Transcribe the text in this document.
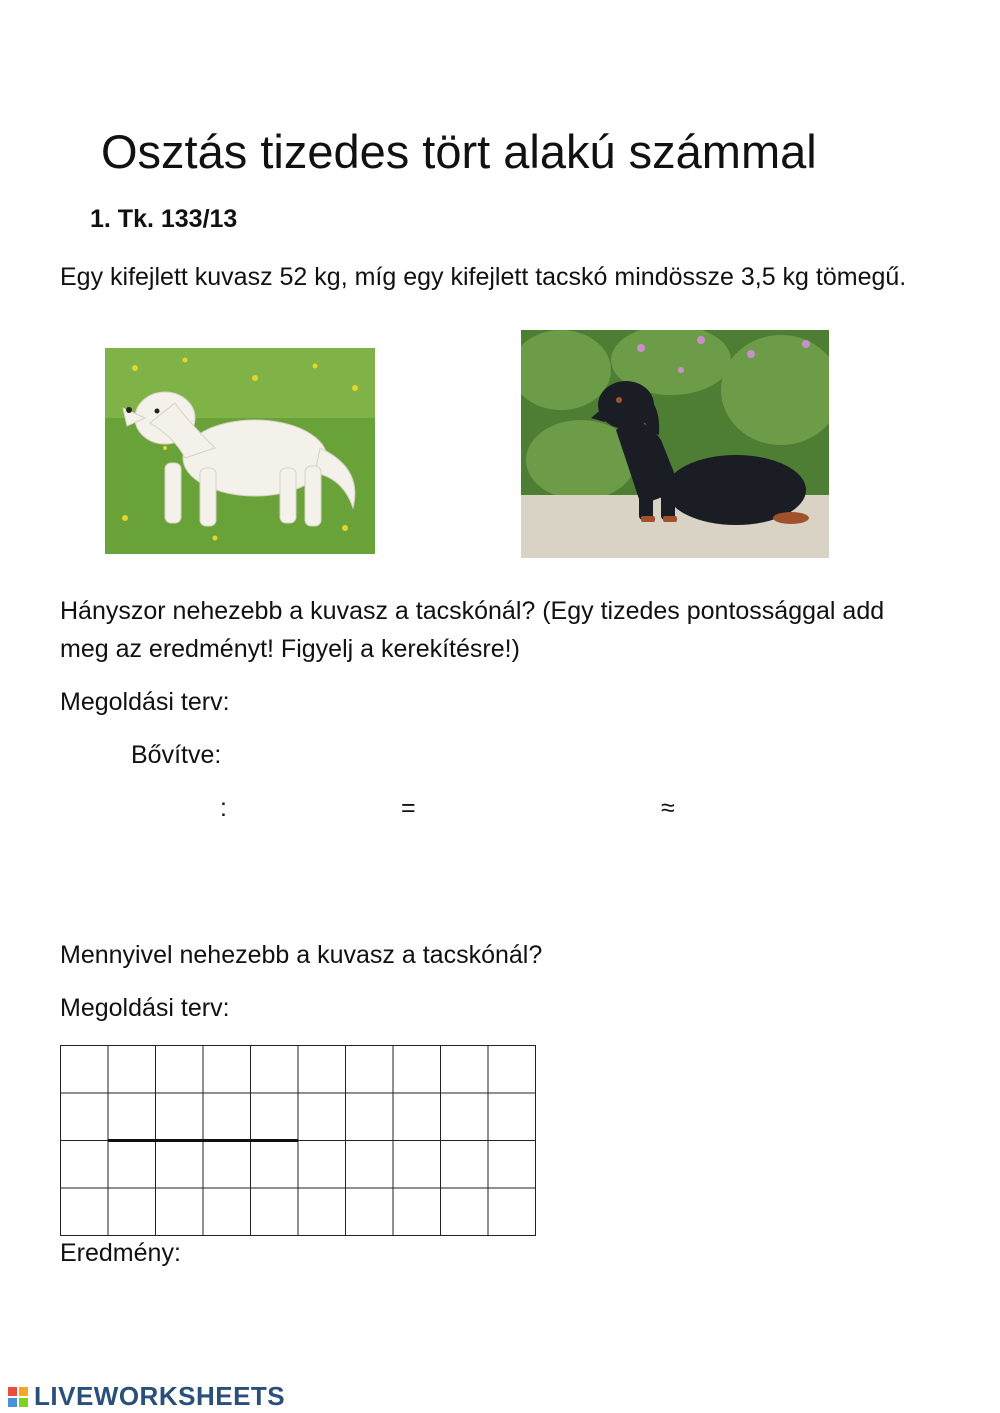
Osztás tizedes tört alakú számmal
1. Tk. 133/13
Egy kifejlett kuvasz 52 kg, míg egy kifejlett tacskó mindössze 3,5 kg tömegű.
Hányszor nehezebb a kuvasz a tacskónál? (Egy tizedes pontossággal add meg az eredményt! Figyelj a kerekítésre!)
Megoldási terv:
Bővítve:
:	=	≈
Mennyivel nehezebb a kuvasz a tacskónál?
Megoldási terv:
Eredmény:
LIVEWORKSHEETS
